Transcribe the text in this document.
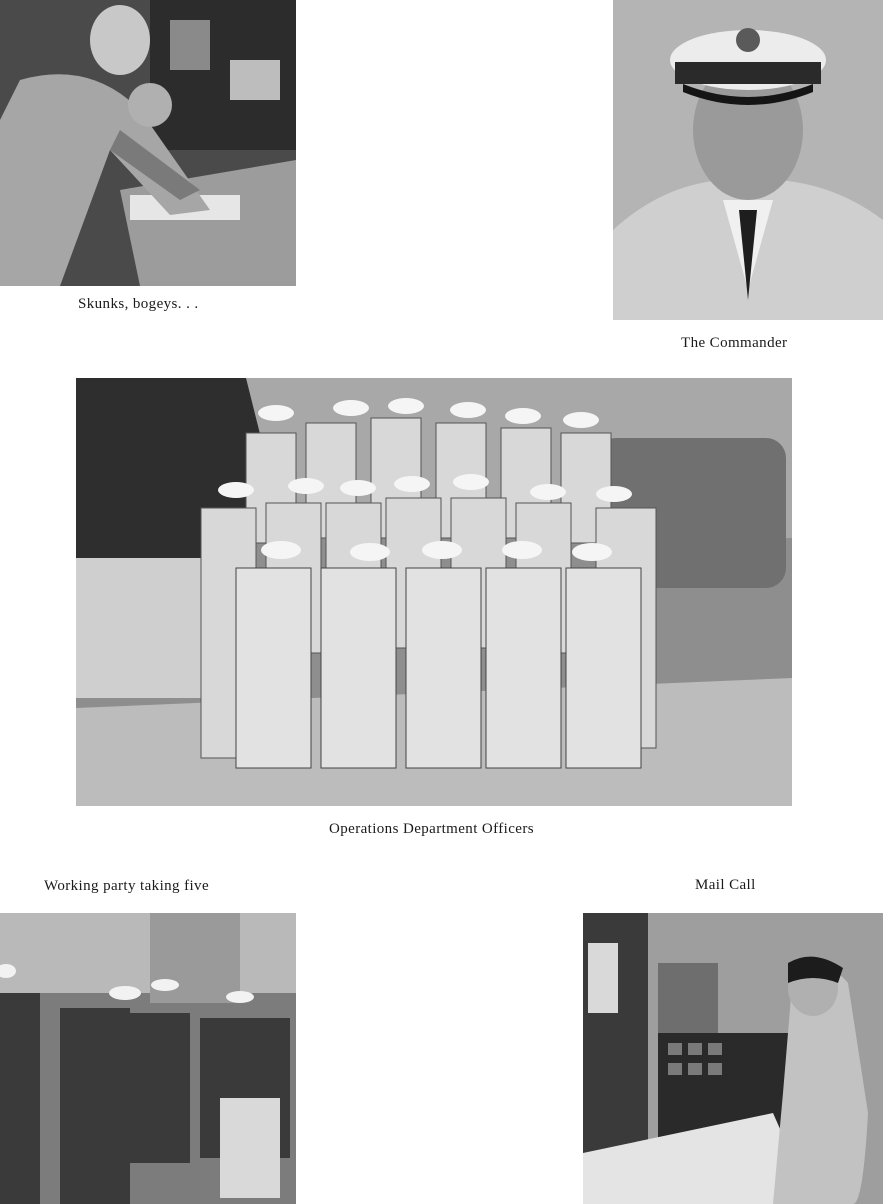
Skunks, bogeys. . .
The Commander
Operations Department Officers
Working party taking five	Mail Call
